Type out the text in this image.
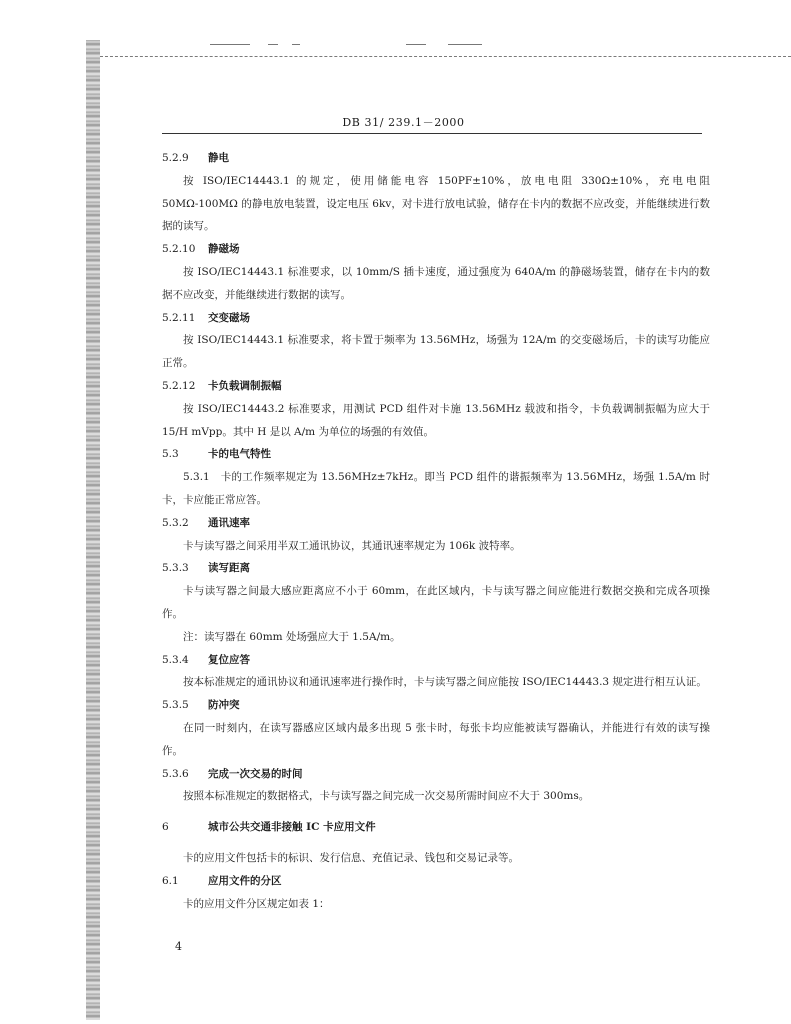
DB 31/ 239.1－2000

5.2.9 静电

按 ISO/IEC14443.1 的规定，使用储能电容 150PF±10%，放电电阻 330Ω±10%，充电电阻 50MΩ-100MΩ 的静电放电装置，设定电压 6kv，对卡进行放电试验，储存在卡内的数据不应改变，并能继续进行数据的读写。

5.2.10 静磁场

按 ISO/IEC14443.1 标准要求，以 10mm/S 插卡速度，通过强度为 640A/m 的静磁场装置，储存在卡内的数据不应改变，并能继续进行数据的读写。

5.2.11 交变磁场

按 ISO/IEC14443.1 标准要求，将卡置于频率为 13.56MHz，场强为 12A/m 的交变磁场后，卡的读写功能应正常。

5.2.12 卡负载调制振幅

按 ISO/IEC14443.2 标准要求，用测试 PCD 组件对卡施 13.56MHz 载波和指令，卡负载调制振幅为应大于 15/H mVpp。其中 H 是以 A/m 为单位的场强的有效值。

5.3	卡的电气特性

5.3.1　卡的工作频率规定为 13.56MHz±7kHz。即当 PCD 组件的谐振频率为 13.56MHz，场强 1.5A/m 时卡，卡应能正常应答。

5.3.2 通讯速率

卡与读写器之间采用半双工通讯协议，其通讯速率规定为 106k 波特率。

5.3.3 读写距离

卡与读写器之间最大感应距离应不小于 60mm，在此区域内，卡与读写器之间应能进行数据交换和完成各项操作。

注：读写器在 60mm 处场强应大于 1.5A/m。

5.3.4 复位应答

按本标准规定的通讯协议和通讯速率进行操作时，卡与读写器之间应能按 ISO/IEC14443.3 规定进行相互认证。

5.3.5 防冲突

在同一时刻内，在读写器感应区域内最多出现 5 张卡时，每张卡均应能被读写器确认，并能进行有效的读写操作。

5.3.6 完成一次交易的时间

按照本标准规定的数据格式，卡与读写器之间完成一次交易所需时间应不大于 300ms。

6	城市公共交通非接触 IC 卡应用文件

卡的应用文件包括卡的标识、发行信息、充值记录、钱包和交易记录等。

6.1	应用文件的分区

卡的应用文件分区规定如表 1：

4
